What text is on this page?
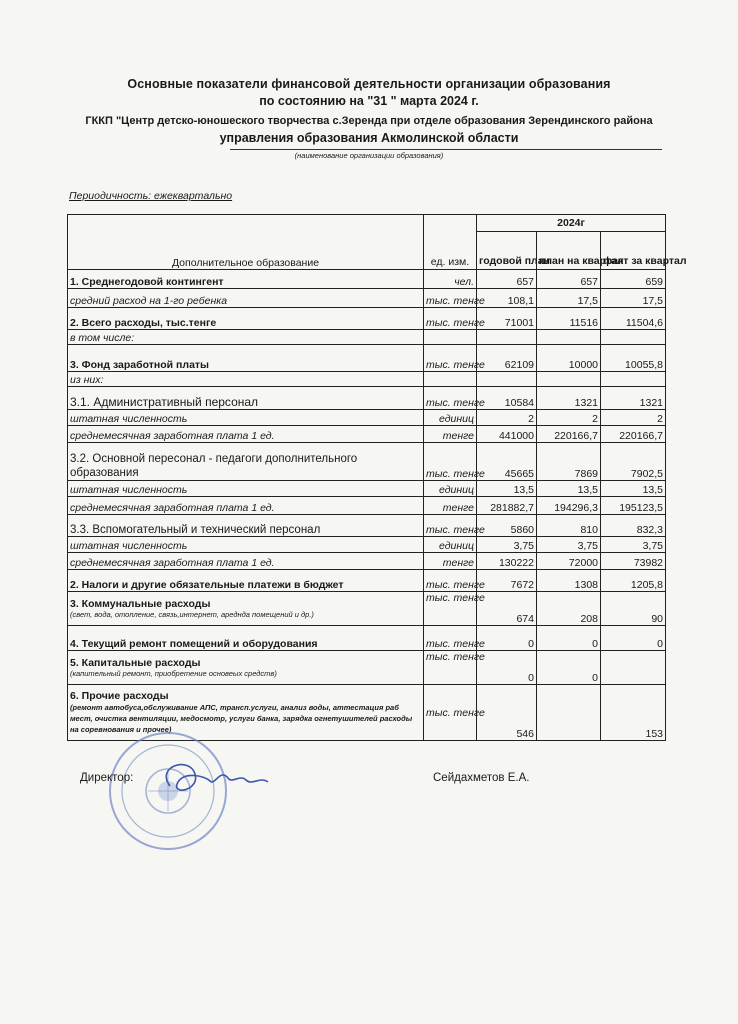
Основные показатели финансовой деятельности организации образования
по состоянию на "31 " марта 2024 г.
ГККП "Центр детско-юношеского творчества с.Зерендa при отделе образования Зерендинского района
управления образования Акмолинской области
(наименование организации образования)
Периодичность: ежеквартально
Дополнительное образование	ед. изм.	2024г		
		годовой план	план на квартал	факт за квартал
1. Среднегодовой контингент	чел.	657	657	659
средний расход на 1-го ребенка	тыс. тенге	108,1	17,5	17,5
2. Всего расходы, тыс.тенге	тыс. тенге	71001	11516	11504,6
в том числе:				
3. Фонд заработной платы	тыс. тенге	62109	10000	10055,8
из них:				
3.1. Административный персонал	тыс. тенге	10584	1321	1321
штатная численность	единиц	2	2	2
среднемесячная заработная плата 1 ед.	тенге	441000	220166,7	220166,7
3.2. Основной пересонал - педагоги дополнительного образования	тыс. тенге	45665	7869	7902,5
штатная численность	единиц	13,5	13,5	13,5
среднемесячная заработная плата 1 ед.	тенге	281882,7	194296,3	195123,5
3.3. Вспомогательный и технический персонал	тыс. тенге	5860	810	832,3
штатная численность	единиц	3,75	3,75	3,75
среднемесячная заработная плата 1 ед.	тенге	130222	72000	73982
2. Налоги и другие обязательные платежи в бюджет	тыс. тенге	7672	1308	1205,8
3. Коммунальные расходы
(свет, вода, отопление, связь,интернет, аредндa помещений и др.)	тыс. тенге	674	208	90
4. Текущий ремонт помещений и оборудования	тыс. тенге	0	0	0
5. Капитальные расходы
(капительный ремонт, приобретение основеых средств)	тыс. тенге	0	0	
6. Прочие расходы
(ремонт автобуса,обслуживание АПС, трансп.услуги, анализ воды, аттестация раб мест, очистка вентиляции, медосмотр, услуги банка, зарядка огнетушителей расходы на соревнования и прочее)	тыс. тенге	546		153
Директор:	Сейдахметов Е.А.
